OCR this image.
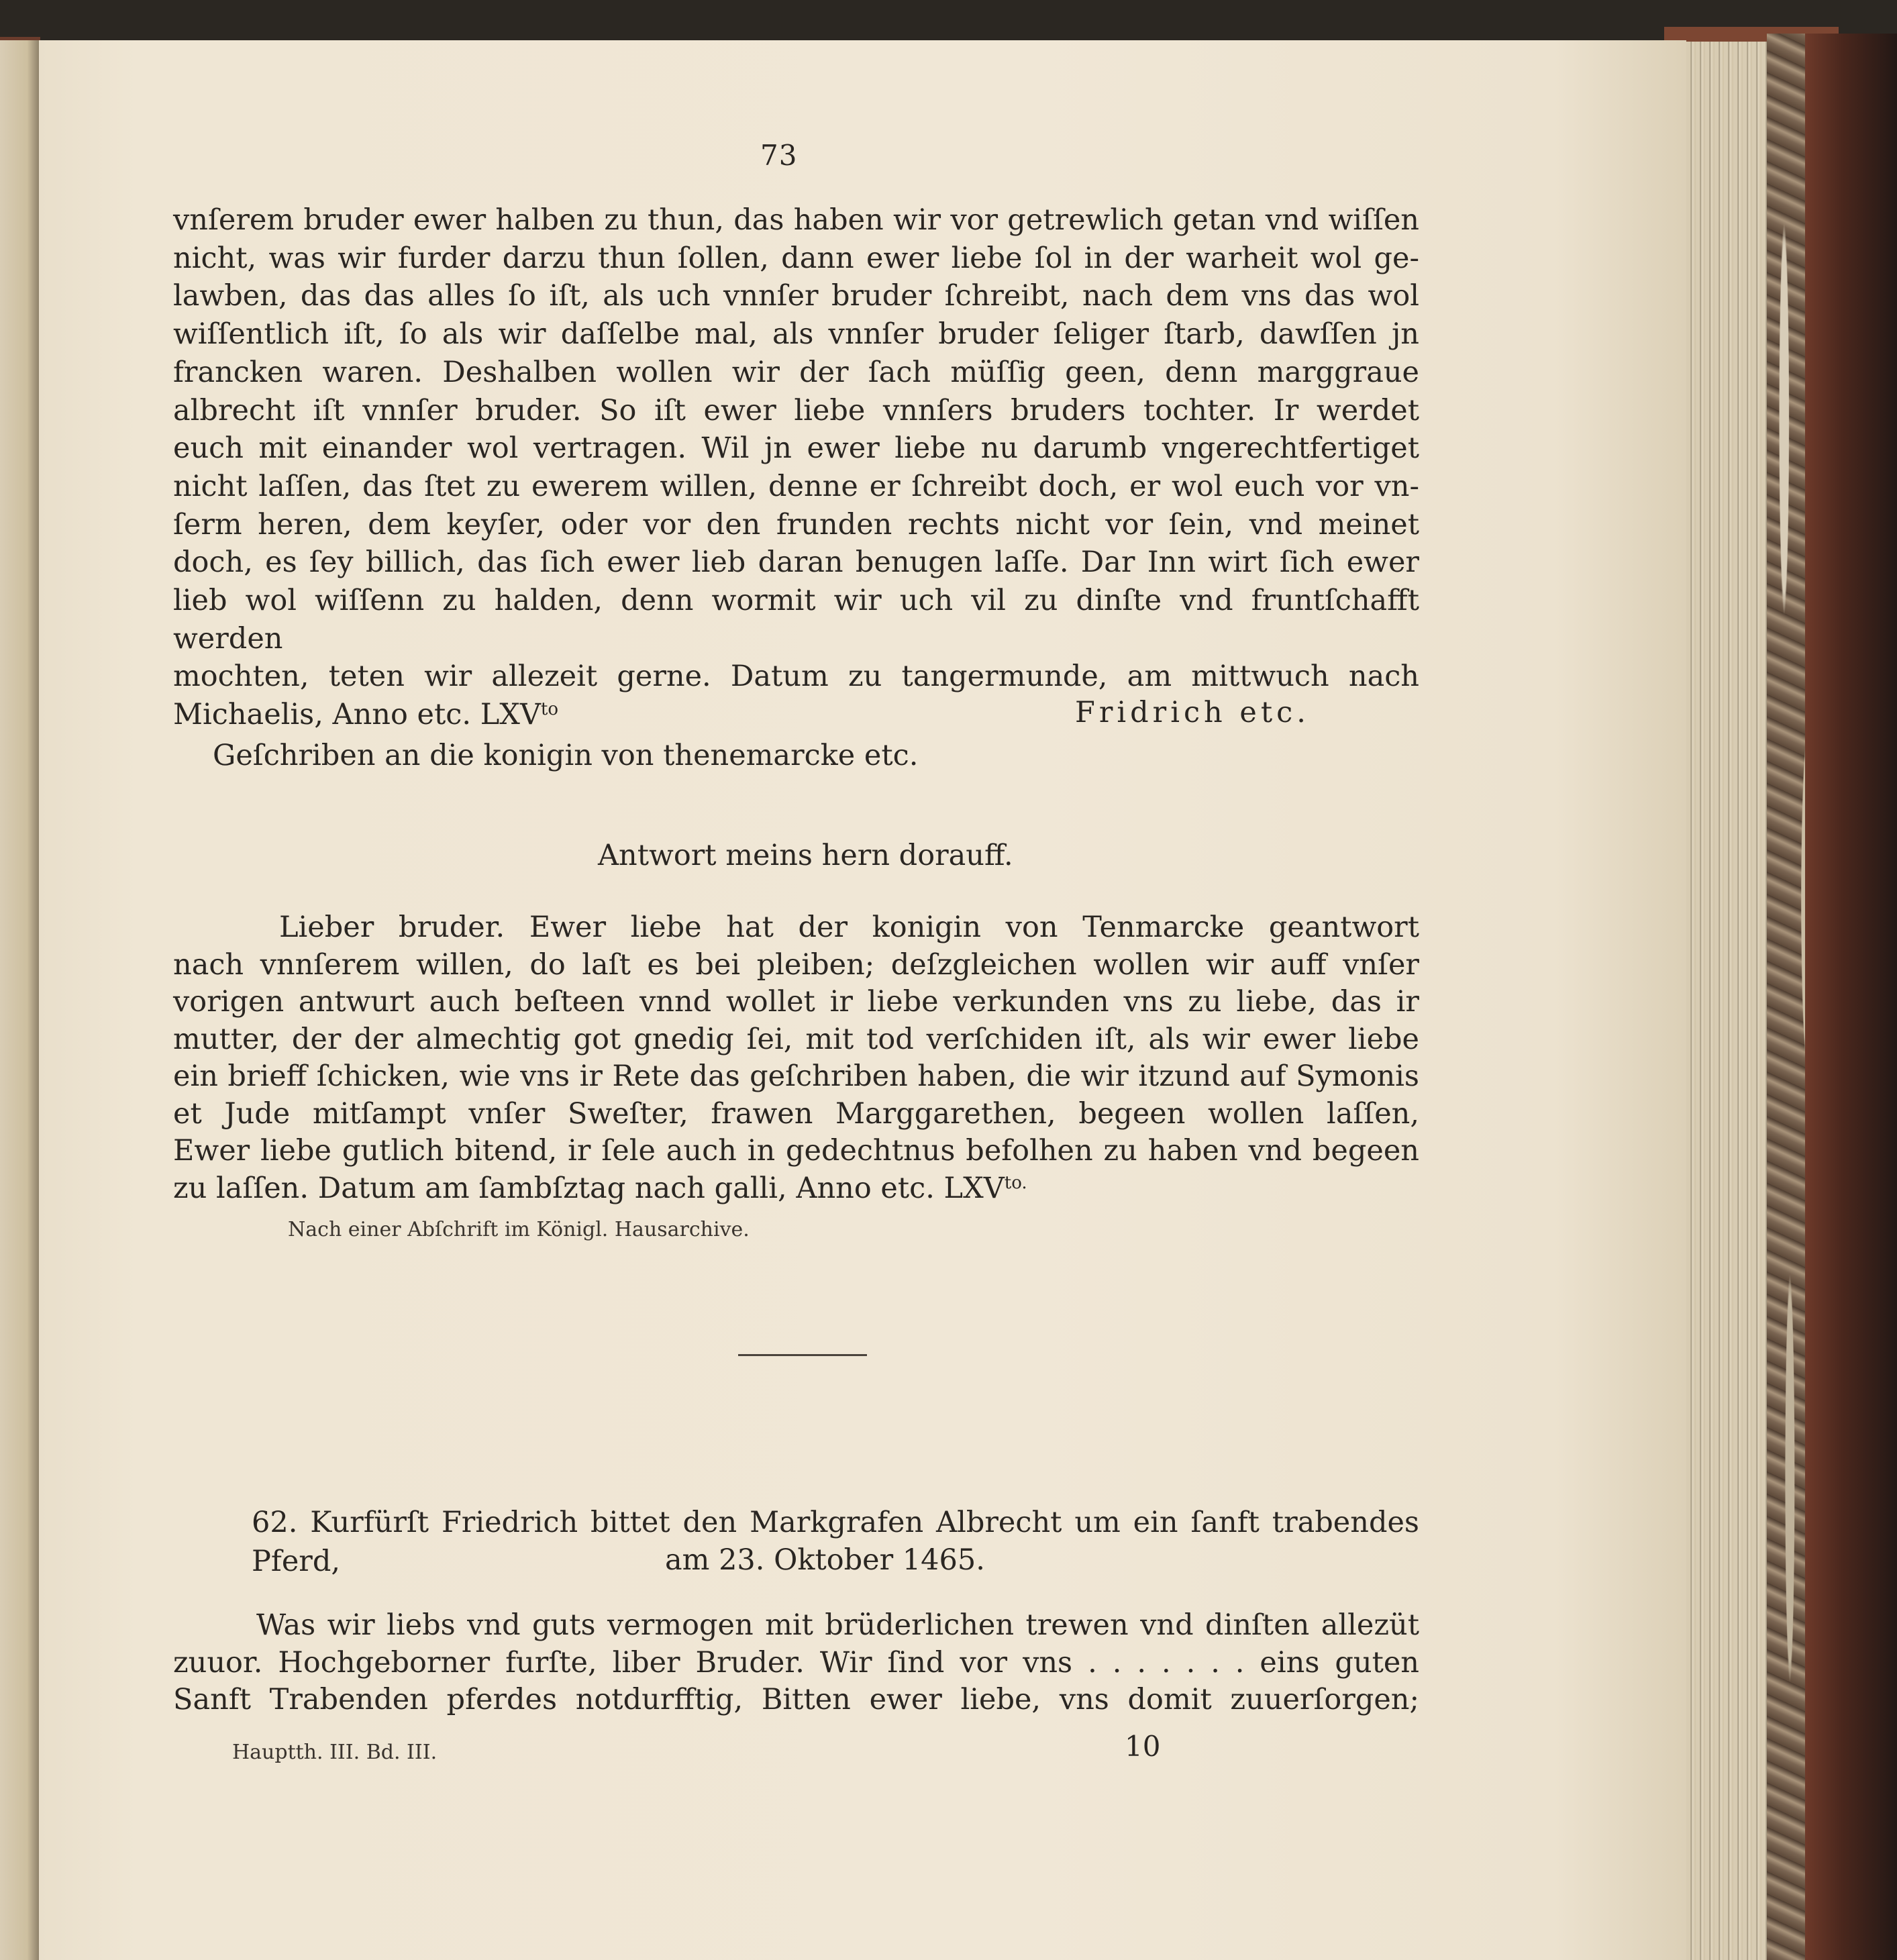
73
vnſerem bruder ewer halben zu thun, das haben wir vor getrewlich getan vnd wiſſen
nicht, was wir furder darzu thun ſollen, dann ewer liebe ſol in der warheit wol ge-
lawben, das das alles ſo iſt, als uch vnnſer bruder ſchreibt, nach dem vns das wol
wiſſentlich iſt, ſo als wir daſſelbe mal, als vnnſer bruder ſeliger ſtarb, dawſſen jn
francken waren. Deshalben wollen wir der ſach müſſig geen, denn marggraue
albrecht iſt vnnſer bruder. So iſt ewer liebe vnnſers bruders tochter. Ir werdet
euch mit einander wol vertragen. Wil jn ewer liebe nu darumb vngerechtfertiget
nicht laſſen, das ſtet zu ewerem willen, denne er ſchreibt doch, er wol euch vor vn-
ſerm heren, dem keyſer, oder vor den frunden rechts nicht vor ſein, vnd meinet
doch, es ſey billich, das ſich ewer lieb daran benugen laſſe. Dar Inn wirt ſich ewer
lieb wol wiſſenn zu halden, denn wormit wir uch vil zu dinſte vnd fruntſchafft werden
mochten, teten wir allezeit gerne. Datum zu tangermunde, am mittwuch nach
Michaelis, Anno etc. $LXV^{to}$	Fridrich etc.
Geſchriben an die konigin von thenemarcke etc.
Antwort meins hern dorauff.
Lieber bruder. Ewer liebe hat der konigin von Tenmarcke geantwort
nach vnnſerem willen, do laſt es bei pleiben; deſzgleichen wollen wir auff vnſer
vorigen antwurt auch beſteen vnnd wollet ir liebe verkunden vns zu liebe, das ir
mutter, der der almechtig got gnedig ſei, mit tod verſchiden iſt, als wir ewer liebe
ein brieff ſchicken, wie vns ir Rete das geſchriben haben, die wir itzund auf Symonis
et Jude mitſampt vnſer Sweſter, frawen Marggarethen, begeen wollen laſſen,
Ewer liebe gutlich bitend, ir ſele auch in gedechtnus befolhen zu haben vnd begeen
zu laſſen. Datum am ſambſztag nach galli, Anno etc. $LXV^{to.}$
Nach einer Abſchrift im Königl. Hausarchive.
62. Kurfürſt Friedrich bittet den Markgrafen Albrecht um ein ſanft trabendes Pferd,	am 23. Oktober 1465.
Was wir liebs vnd guts vermogen mit brüderlichen trewen vnd dinſten allezüt
zuuor. Hochgeborner furſte, liber Bruder. Wir ſind vor vns . . . . . . . eins guten
Sanft Trabenden pferdes notdurfftig, Bitten ewer liebe, vns domit zuuerſorgen;
Hauptth. III. Bd. III.	10
